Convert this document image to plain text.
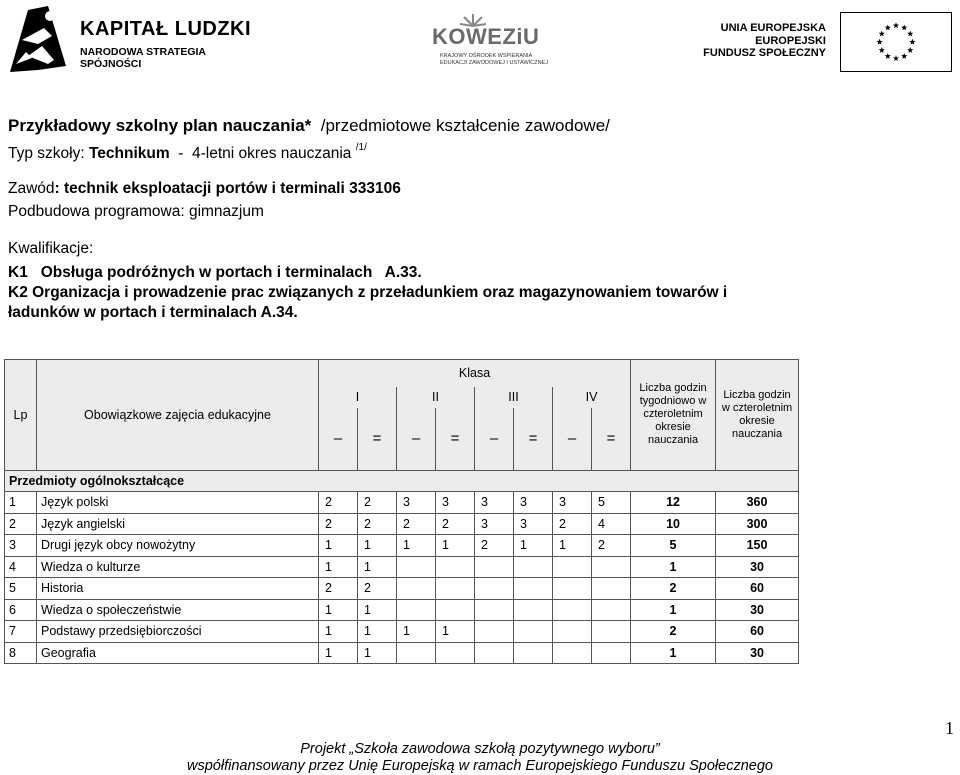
KAPITAŁ LUDZKI
NARODOWA STRATEGIA SPÓJNOŚCI
KOWEZiU
KRAJOWY OŚRODEK WSPIERANIA
EDUKACJI ZAWODOWEJ I USTAWICZNEJ
UNIA EUROPEJSKA
EUROPEJSKI
FUNDUSZ SPOŁECZNY
Przykładowy szkolny plan nauczania* /przedmiotowe kształcenie zawodowe/
Typ szkoły: Technikum  -  4-letni okres nauczania $^{/1/}$
Zawód: technik eksploatacji portów i terminali 333106
Podbudowa programowa: gimnazjum
Kwalifikacje:
K1   Obsługa podróżnych w portach i terminalach   A.33.
K2 Organizacja i prowadzenie prac związanych z przeładunkiem oraz magazynowaniem towarów i
ładunków w portach i terminalach A.34.
Lp	Obowiązkowe zajęcia edukacyjne	Klasa								Liczba godzin tygodniowo w czteroletnim okresie nauczania	Liczba godzin w czteroletnim okresie nauczania
		I		II		III		IV			
		–	=	–	=	–	=	–	=		
Przedmioty ogólnokształcące											
1	Język polski	2	2	3	3	3	3	3	5	12	360
2	Język angielski	2	2	2	2	3	3	2	4	10	300
3	Drugi język obcy nowożytny	1	1	1	1	2	1	1	2	5	150
4	Wiedza o kulturze	1	1							1	30
5	Historia	2	2							2	60
6	Wiedza o społeczeństwie	1	1							1	30
7	Podstawy przedsiębiorczości	1	1	1	1					2	60
8	Geografia	1	1							1	30
1
Projekt „Szkoła zawodowa szkołą pozytywnego wyboru”
współfinansowany przez Unię Europejską w ramach Europejskiego Funduszu Społecznego
